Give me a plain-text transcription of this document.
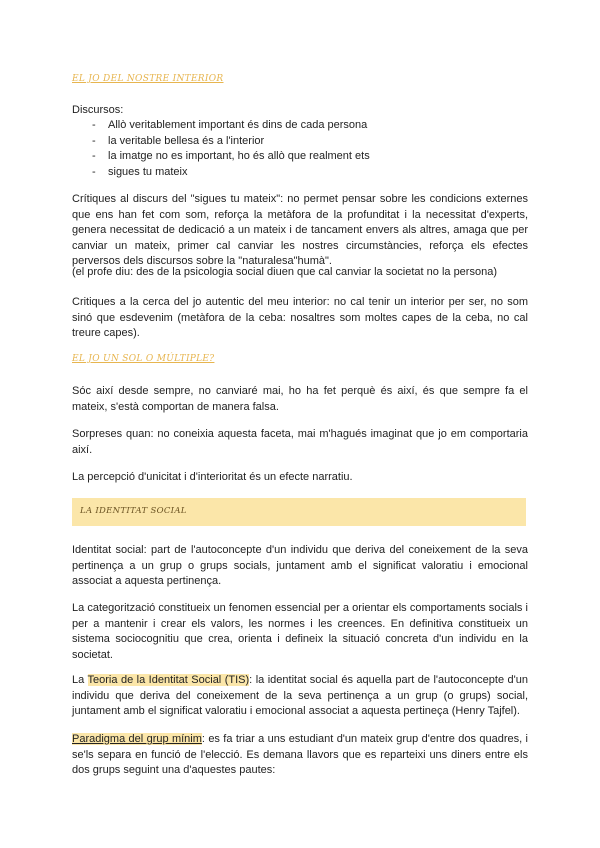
EL JO DEL NOSTRE INTERIOR
Discursos:
- Allò veritablement important és dins de cada persona
- la veritable bellesa és a l'interior
- la imatge no es important, ho és allò que realment ets
- sigues tu mateix

Crítiques al discurs del "sigues tu mateix": no permet pensar sobre les condicions externes que ens han fet com som, reforça la metàfora de la profunditat i la necessitat d'experts, genera necessitat de dedicació a un mateix i de tancament envers als altres, amaga que per canviar un mateix, primer cal canviar les nostres circumstàncies, reforça els efectes perversos dels discursos sobre la "naturalesa"humà".

(el profe diu: des de la psicologia social diuen que cal canviar la societat no la persona)

Critiques a la cerca del jo autentic del meu interior: no cal tenir un interior per ser, no som sinó que esdevenim (metàfora de la ceba: nosaltres som moltes capes de la ceba, no cal treure capes).

EL JO UN SOL O MÚLTIPLE?

Sóc així desde sempre, no canviaré mai, ho ha fet perquè és així, és que sempre fa el mateix, s'està comportan de manera falsa.

Sorpreses quan: no coneixia aquesta faceta, mai m'hagués imaginat que jo em comportaria així.

La percepció d'unicitat i d'interioritat és un efecte narratiu.

LA IDENTITAT SOCIAL

Identitat social: part de l'autoconcepte d'un individu que deriva del coneixement de la seva pertinença a un grup o grups socials, juntament amb el significat valoratiu i emocional associat a aquesta pertinença.

La categorització constitueix un fenomen essencial per a orientar els comportaments socials i per a mantenir i crear els valors, les normes i les creences. En definitiva constitueix un sistema sociocognitiu que crea, orienta i defineix la situació concreta d'un individu en la societat.

La Teoria de la Identitat Social (TIS): la identitat social és aquella part de l'autoconcepte d'un individu que deriva del coneixement de la seva pertinença a un grup (o grups) social, juntament amb el significat valoratiu i emocional associat a aquesta pertineça (Henry Tajfel).

Paradigma del grup mínim: es fa triar a uns estudiant d'un mateix grup d'entre dos quadres, i se'ls separa en funció de l'elecció. Es demana llavors que es reparteixi uns diners entre els dos grups seguint una d'aquestes pautes:
